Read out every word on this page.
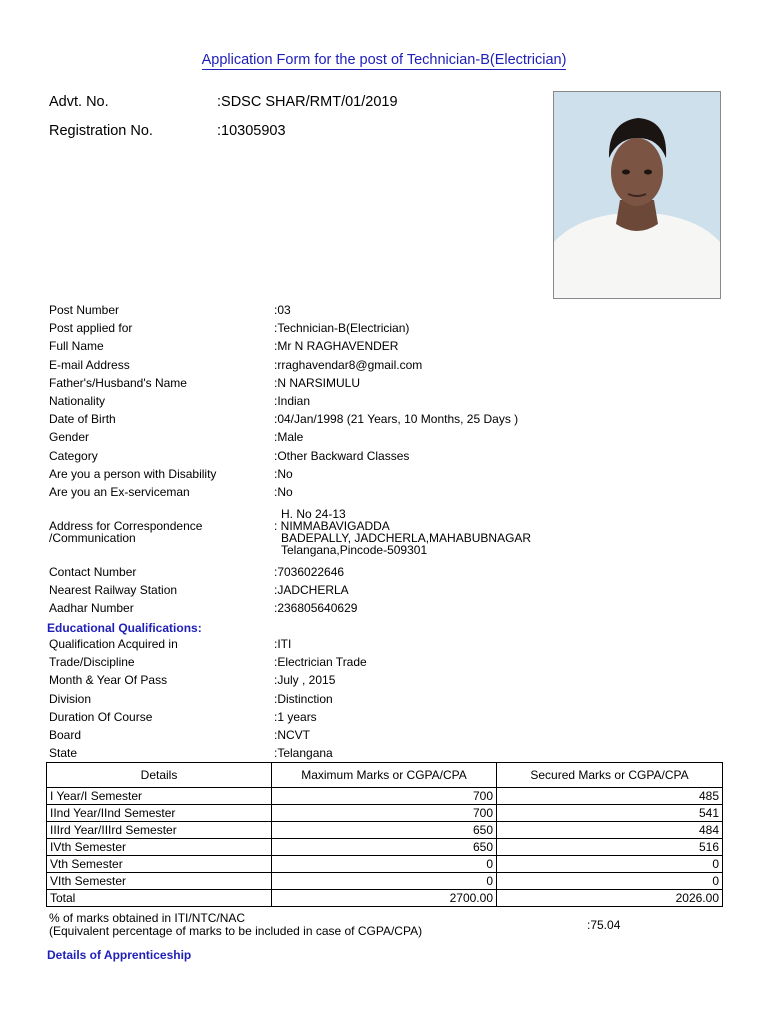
Application Form for the post of Technician-B(Electrician)
Advt. No.	:SDSC SHAR/RMT/01/2019
Registration No.	:10305903
Post Number	:03
Post applied for	:Technician-B(Electrician)
Full Name	:Mr N RAGHAVENDER
E-mail Address	:rraghavendar8@gmail.com
Father's/Husband's Name	:N NARSIMULU
Nationality	:Indian
Date of Birth	:04/Jan/1998 (21 Years, 10 Months, 25 Days )
Gender	:Male
Category	:Other Backward Classes
Are you a person with Disability	:No
Are you an Ex-serviceman	:No
Address for Correspondence
/Communication
H. No 24-13
: NIMMABAVIGADDA
BADEPALLY, JADCHERLA,MAHABUBNAGAR
Telangana,Pincode-509301
Contact Number	:7036022646
Nearest Railway Station	:JADCHERLA
Aadhar Number	:236805640629
Educational Qualifications:
Qualification Acquired in	:ITI
Trade/Discipline	:Electrician Trade
Month & Year Of Pass	:July , 2015
Division	:Distinction
Duration Of Course	:1 years
Board	:NCVT
State	:Telangana
Details	Maximum Marks or CGPA/CPA	Secured Marks or CGPA/CPA
I Year/I Semester	700	485
IInd Year/IInd Semester	700	541
IIIrd Year/IIIrd Semester	650	484
IVth Semester	650	516
Vth Semester	0	0
VIth Semester	0	0
Total	2700.00	2026.00
% of marks obtained in ITI/NTC/NAC
(Equivalent percentage of marks to be included in case of CGPA/CPA)	:75.04
Details of Apprenticeship
